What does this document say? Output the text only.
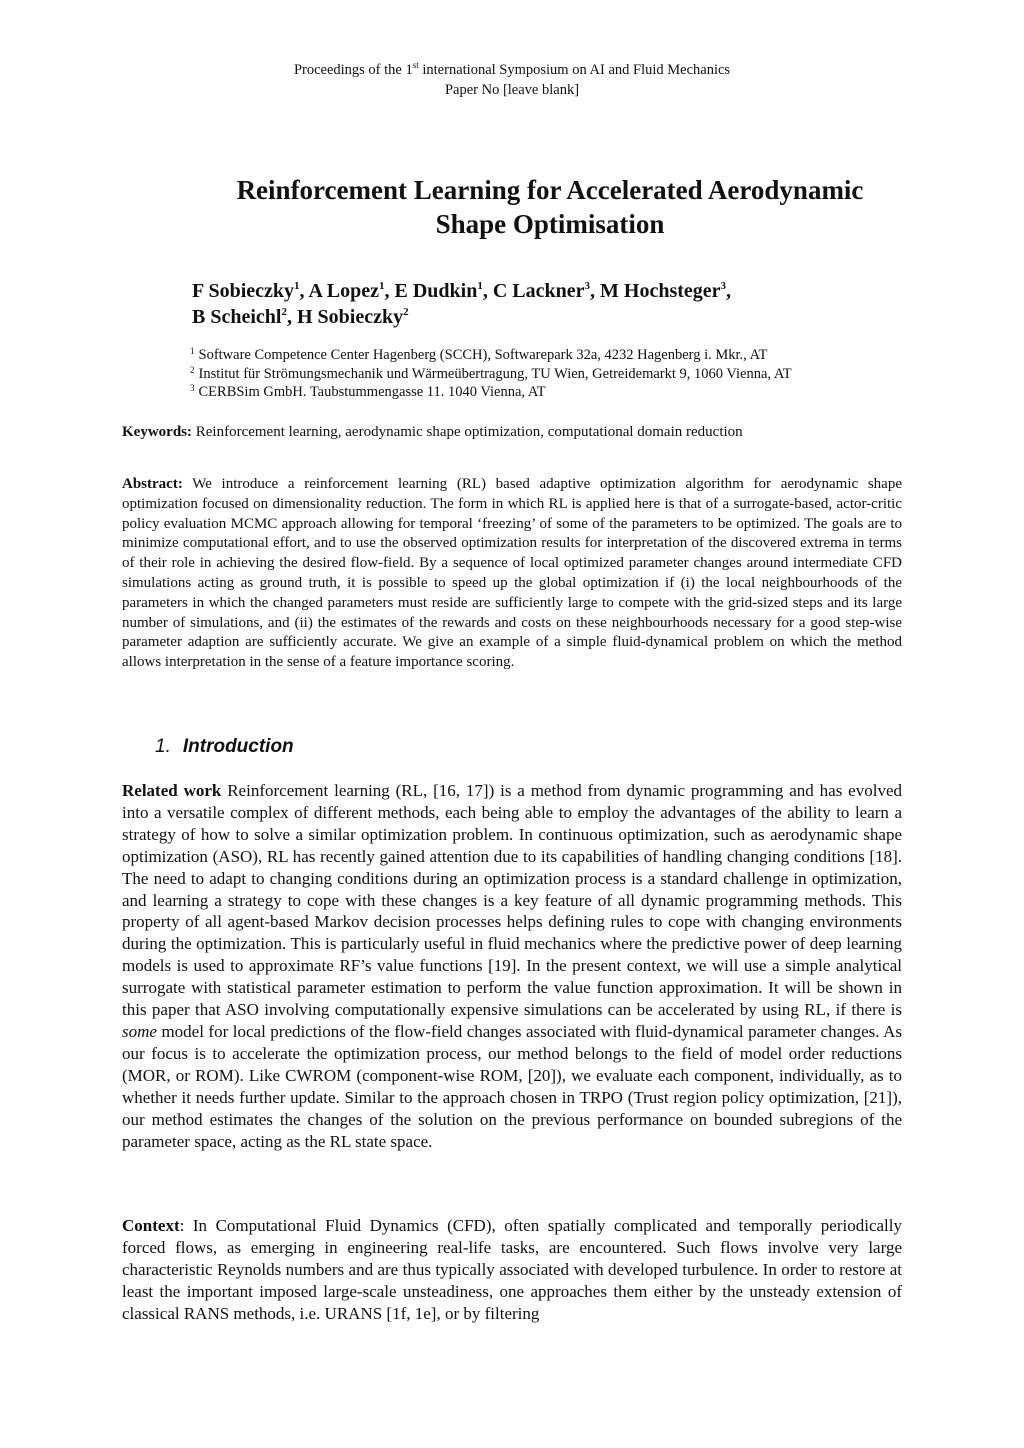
Proceedings of the 1st international Symposium on AI and Fluid Mechanics
Paper No [leave blank]
Reinforcement Learning for Accelerated Aerodynamic
Shape Optimisation
F Sobieczky$^1$, A Lopez$^1$, E Dudkin$^1$, C Lackner$^3$, M Hochsteger$^3$,
B Scheichl$^2$, H Sobieczky$^2$
$^1$ Software Competence Center Hagenberg (SCCH), Softwarepark 32a, 4232 Hagenberg i. Mkr., AT
$^2$ Institut für Strömungsmechanik und Wärmeübertragung, TU Wien, Getreidemarkt 9, 1060 Vienna, AT
$^3$ CERBSim GmbH. Taubstummengasse 11. 1040 Vienna, AT
Keywords: Reinforcement learning, aerodynamic shape optimization, computational domain reduction
Abstract: We introduce a reinforcement learning (RL) based adaptive optimization algorithm for aerodynamic shape optimization focused on dimensionality reduction. The form in which RL is applied here is that of a surrogate-based, actor-critic policy evaluation MCMC approach allowing for temporal ‘freezing’ of some of the parameters to be optimized. The goals are to minimize computational effort, and to use the observed optimization results for interpretation of the discovered extrema in terms of their role in achieving the desired flow-field. By a sequence of local optimized parameter changes around intermediate CFD simulations acting as ground truth, it is possible to speed up the global optimization if (i) the local neighbourhoods of the parameters in which the changed parameters must reside are sufficiently large to compete with the grid-sized steps and its large number of simulations, and (ii) the estimates of the rewards and costs on these neighbourhoods necessary for a good step-wise parameter adaption are sufficiently accurate. We give an example of a simple fluid-dynamical problem on which the method allows interpretation in the sense of a feature importance scoring.
1. Introduction
Related work Reinforcement learning (RL, [16, 17]) is a method from dynamic programming and has evolved into a versatile complex of different methods, each being able to employ the advantages of the ability to learn a strategy of how to solve a similar optimization problem. In continuous optimization, such as aerodynamic shape optimization (ASO), RL has recently gained attention due to its capabilities of handling changing conditions [18]. The need to adapt to changing conditions during an optimization process is a standard challenge in optimization, and learning a strategy to cope with these changes is a key feature of all dynamic programming methods. This property of all agent-based Markov decision processes helps defining rules to cope with changing environments during the optimization. This is particularly useful in fluid mechanics where the predictive power of deep learning models is used to approximate RF’s value functions [19]. In the present context, we will use a simple analytical surrogate with statistical parameter estimation to perform the value function approximation. It will be shown in this paper that ASO involving computationally expensive simulations can be accelerated by using RL, if there is some model for local predictions of the flow-field changes associated with fluid-dynamical parameter changes. As our focus is to accelerate the optimization process, our method belongs to the field of model order reductions (MOR, or ROM). Like CWROM (component-wise ROM, [20]), we evaluate each component, individually, as to whether it needs further update. Similar to the approach chosen in TRPO (Trust region policy optimization, [21]), our method estimates the changes of the solution on the previous performance on bounded subregions of the parameter space, acting as the RL state space.
Context: In Computational Fluid Dynamics (CFD), often spatially complicated and temporally periodically forced flows, as emerging in engineering real-life tasks, are encountered. Such flows involve very large characteristic Reynolds numbers and are thus typically associated with developed turbulence. In order to restore at least the important imposed large-scale unsteadiness, one approaches them either by the unsteady extension of classical RANS methods, i.e. URANS [1f, 1e], or by filtering
